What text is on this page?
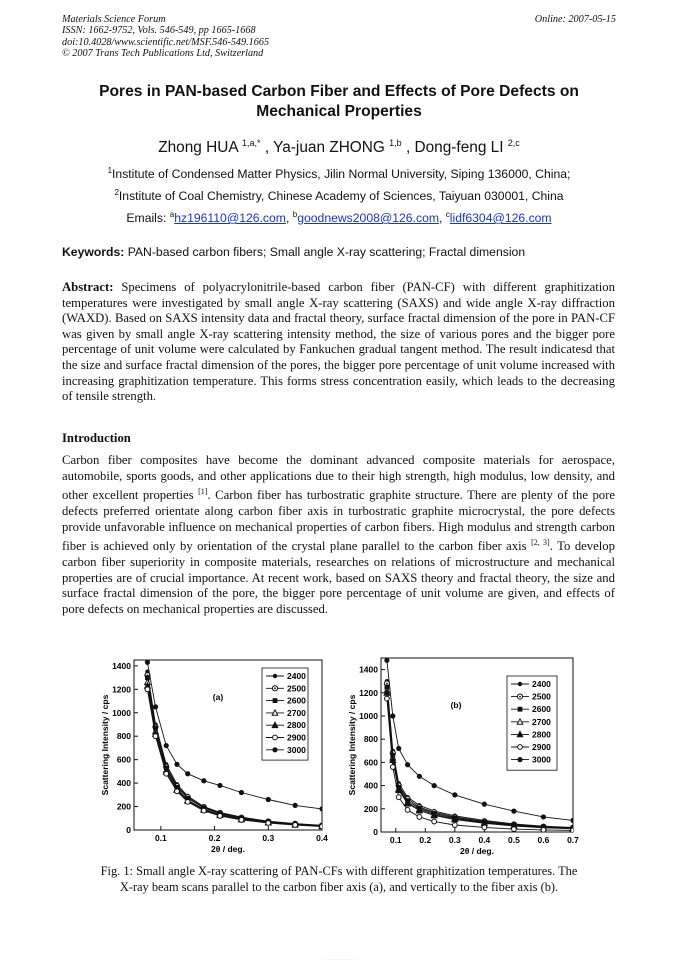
Materials Science Forum
ISSN: 1662-9752, Vols. 546-549, pp 1665-1668
doi:10.4028/www.scientific.net/MSF.546-549.1665
© 2007 Trans Tech Publications Ltd, Switzerland
Online: 2007-05-15
Pores in PAN-based Carbon Fiber and Effects of Pore Defects on
Mechanical Properties
Zhong HUA $^{1,a,*}$ , Ya-juan ZHONG $^{1,b}$ , Dong-feng LI $^{2,c}$
$^1$Institute of Condensed Matter Physics, Jilin Normal University, Siping 136000, China;
$^2$Institute of Coal Chemistry, Chinese Academy of Sciences, Taiyuan 030001, China
Emails: $^a$hz196110@126.com, $^b$goodnews2008@126.com, $^c$lidf6304@126.com
Keywords: PAN-based carbon fibers; Small angle X-ray scattering; Fractal dimension
Abstract: Specimens of polyacrylonitrile-based carbon fiber (PAN-CF) with different graphitization temperatures were investigated by small angle X-ray scattering (SAXS) and wide angle X-ray diffraction (WAXD). Based on SAXS intensity data and fractal theory, surface fractal dimension of the pore in PAN-CF was given by small angle X-ray scattering intensity method, the size of various pores and the bigger pore percentage of unit volume were calculated by Fankuchen gradual tangent method. The result indicatesd that the size and surface fractal dimension of the pores, the bigger pore percentage of unit volume increased with increasing graphitization temperature. This forms stress concentration easily, which leads to the decreasing of tensile strength.
Introduction
Carbon fiber composites have become the dominant advanced composite materials for aerospace, automobile, sports goods, and other applications due to their high strength, high modulus, low density, and other excellent properties [1]. Carbon fiber has turbostratic graphite structure. There are plenty of the pore defects preferred orientate along carbon fiber axis in turbostratic graphite microcrystal, the pore defects provide unfavorable influence on mechanical properties of carbon fibers. High modulus and strength carbon fiber is achieved only by orientation of the crystal plane parallel to the carbon fiber axis [2, 3]. To develop carbon fiber superiority in composite materials, researches on relations of microstructure and mechanical properties are of crucial importance. At recent work, based on SAXS theory and fractal theory, the size and surface fractal dimension of the pore, the bigger pore percentage of unit volume are given, and effects of pore defects on mechanical properties are discussed.
0.1	0.2	0.3	0.4
0
200
400
600
800
1000
1200
1400
2θ / deg.
Scattering Intensity / cps	(a)
2400
2500
2600
2700
2800
2900
3000
0.1 0.2 0.3 0.4 0.5 0.6 0.7
0
200
400
600
800
1000
1200
1400
2θ / deg.
Scattering Intensity / cps	(b)
2400
2500
2600
2700
2800
2900
3000
Fig. 1: Small angle X-ray scattering of PAN-CFs with different graphitization temperatures. The
X-ray beam scans parallel to the carbon fiber axis (a), and vertically to the fiber axis (b).
